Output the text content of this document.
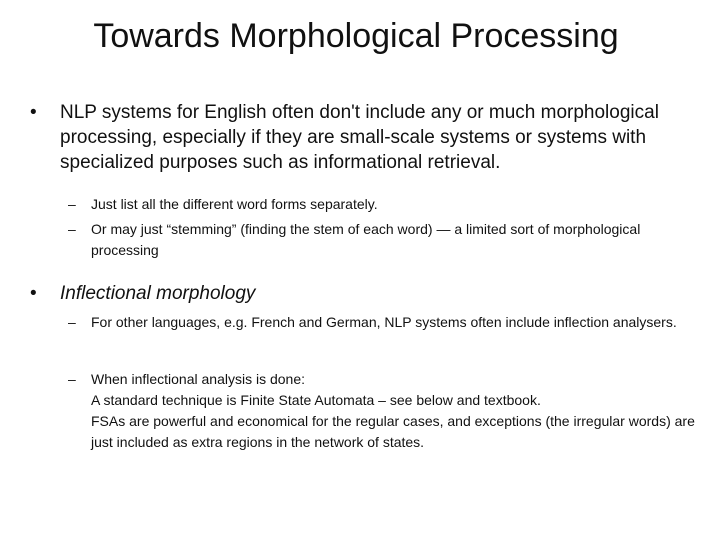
Towards Morphological Processing
•	NLP systems for English often don't include any or much morphological processing, especially if they are small-scale systems or systems with specialized purposes such as informational retrieval.
–	Just list all the different word forms separately.
–	Or may just “stemming” (finding the stem of each word) — a limited sort of morphological processing
•	Inflectional morphology
–	For other languages, e.g. French and German, NLP systems often include inflection analysers.
–	When inflectional analysis is done:
A standard technique is Finite State Automata – see below and textbook.
FSAs are powerful and economical for the regular cases, and exceptions (the irregular words) are just included as extra regions in the network of states.
